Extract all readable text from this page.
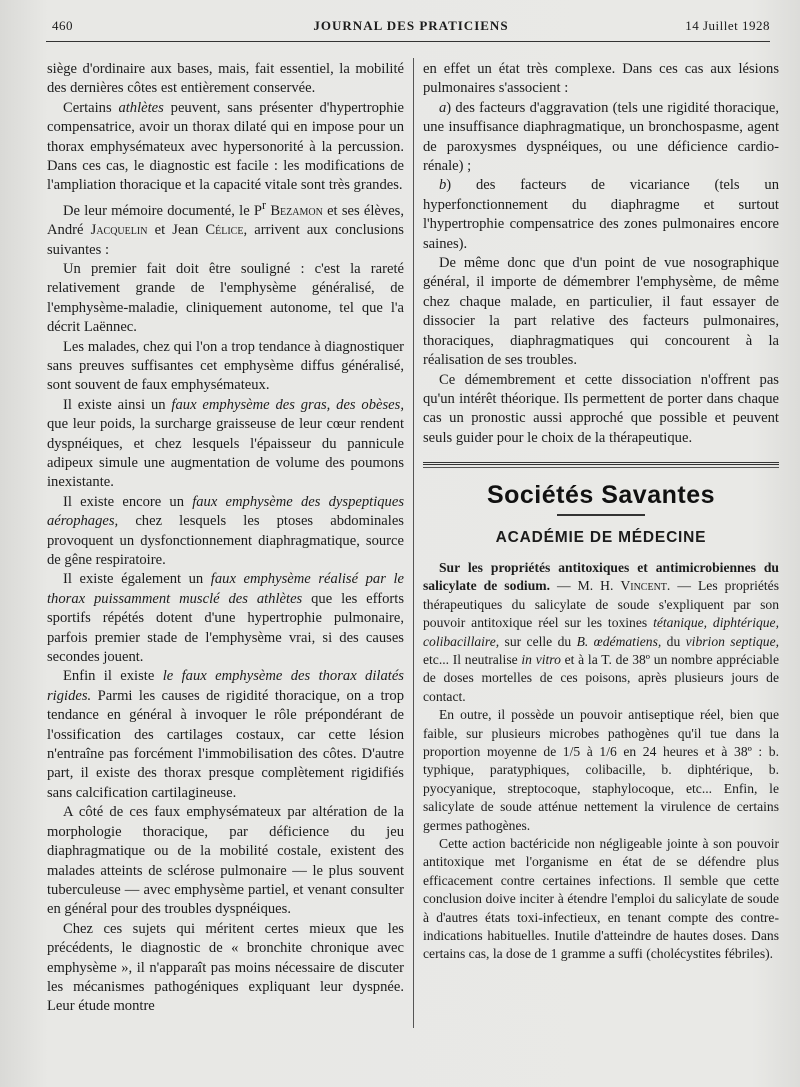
460	JOURNAL DES PRATICIENS	14 Juillet 1928

siège d'ordinaire aux bases, mais, fait essentiel, la mobilité des dernières côtes est entièrement conservée.

Certains athlètes peuvent, sans présenter d'hypertrophie compensatrice, avoir un thorax dilaté qui en impose pour un thorax emphysémateux avec hypersonorité à la percussion. Dans ces cas, le diagnostic est facile : les modifications de l'ampliation thoracique et la capacité vitale sont très grandes.

De leur mémoire documenté, le $P^r$ Bezamon et ses élèves, André Jacquelin et Jean Célice, arrivent aux conclusions suivantes :

Un premier fait doit être souligné : c'est la rareté relativement grande de l'emphysème généralisé, de l'emphysème-maladie, cliniquement autonome, tel que l'a décrit Laënnec.

Les malades, chez qui l'on a trop tendance à diagnostiquer sans preuves suffisantes cet emphysème diffus généralisé, sont souvent de faux emphysémateux.

Il existe ainsi un faux emphysème des gras, des obèses, que leur poids, la surcharge graisseuse de leur cœur rendent dyspnéiques, et chez lesquels l'épaisseur du pannicule adipeux simule une augmentation de volume des poumons inexistante.

Il existe encore un faux emphysème des dyspeptiques aérophages, chez lesquels les ptoses abdominales provoquent un dysfonctionnement diaphragmatique, source de gêne respiratoire.

Il existe également un faux emphysème réalisé par le thorax puissamment musclé des athlètes que les efforts sportifs répétés dotent d'une hypertrophie pulmonaire, parfois premier stade de l'emphysème vrai, si des causes secondes jouent.

Enfin il existe le faux emphysème des thorax dilatés rigides. Parmi les causes de rigidité thoracique, on a trop tendance en général à invoquer le rôle prépondérant de l'ossification des cartilages costaux, car cette lésion n'entraîne pas forcément l'immobilisation des côtes. D'autre part, il existe des thorax presque complètement rigidifiés sans calcification cartilagineuse.

A côté de ces faux emphysémateux par altération de la morphologie thoracique, par déficience du jeu diaphragmatique ou de la mobilité costale, existent des malades atteints de sclérose pulmonaire — le plus souvent tuberculeuse — avec emphysème partiel, et venant consulter en général pour des troubles dyspnéiques.

Chez ces sujets qui méritent certes mieux que les précédents, le diagnostic de « bronchite chronique avec emphysème », il n'apparaît pas moins nécessaire de discuter les mécanismes pathogéniques expliquant leur dyspnée. Leur étude montre

en effet un état très complexe. Dans ces cas aux lésions pulmonaires s'associent :

a) des facteurs d'aggravation (tels une rigidité thoracique, une insuffisance diaphragmatique, un bronchospasme, agent de paroxysmes dyspnéiques, ou une déficience cardio-rénale) ;

b) des facteurs de vicariance (tels un hyperfonctionnement du diaphragme et surtout l'hypertrophie compensatrice des zones pulmonaires encore saines).

De même donc que d'un point de vue nosographique général, il importe de démembrer l'emphysème, de même chez chaque malade, en particulier, il faut essayer de dissocier la part relative des facteurs pulmonaires, thoraciques, diaphragmatiques qui concourent à la réalisation de ses troubles.

Ce démembrement et cette dissociation n'offrent pas qu'un intérêt théorique. Ils permettent de porter dans chaque cas un pronostic aussi approché que possible et peuvent seuls guider pour le choix de la thérapeutique.

Sociétés Savantes
ACADÉMIE DE MÉDECINE

Sur les propriétés antitoxiques et antimicrobiennes du salicylate de sodium. — M. H. Vincent. — Les propriétés thérapeutiques du salicylate de soude s'expliquent par son pouvoir antitoxique réel sur les toxines tétanique, diphtérique, colibacillaire, sur celle du B. œdématiens, du vibrion septique, etc... Il neutralise in vitro et à la T. de 38º un nombre appréciable de doses mortelles de ces poisons, après plusieurs jours de contact.

En outre, il possède un pouvoir antiseptique réel, bien que faible, sur plusieurs microbes pathogènes qu'il tue dans la proportion moyenne de 1/5 à 1/6 en 24 heures et à 38º : b. typhique, paratyphiques, colibacille, b. diphtérique, b. pyocyanique, streptocoque, staphylocoque, etc... Enfin, le salicylate de soude atténue nettement la virulence de certains germes pathogènes.

Cette action bactéricide non négligeable jointe à son pouvoir antitoxique met l'organisme en état de se défendre plus efficacement contre certaines infections. Il semble que cette conclusion doive inciter à étendre l'emploi du salicylate de soude à d'autres états toxi-infectieux, en tenant compte des contre-indications habituelles. Inutile d'atteindre de hautes doses. Dans certains cas, la dose de 1 gramme a suffi (cholécystites fébriles).
